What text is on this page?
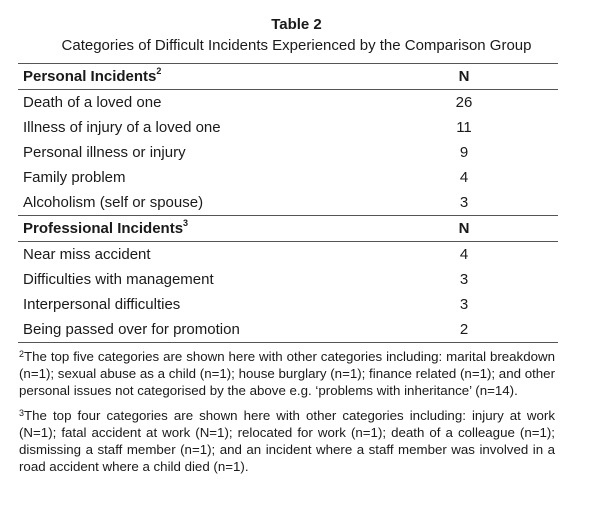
Table 2
Categories of Difficult Incidents Experienced by the Comparison Group
Personal Incidents$^2$	N
Death of a loved one	26
Illness of injury of a loved one	11
Personal illness or injury	9
Family problem	4
Alcoholism (self or spouse)	3
Professional Incidents$^3$	N
Near miss accident	4
Difficulties with management	3
Interpersonal difficulties	3
Being passed over for promotion	2

$^2$The top five categories are shown here with other categories including: marital breakdown (n=1); sexual abuse as a child (n=1); house burglary (n=1); finance related (n=1); and other personal issues not categorised by the above e.g. ‘problems with inheritance’ (n=14).

$^3$The top four categories are shown here with other categories including: injury at work (N=1); fatal accident at work (N=1); relocated for work (n=1); death of a colleague (n=1); dismissing a staff member (n=1); and an incident where a staff member was involved in a road accident where a child died (n=1).
